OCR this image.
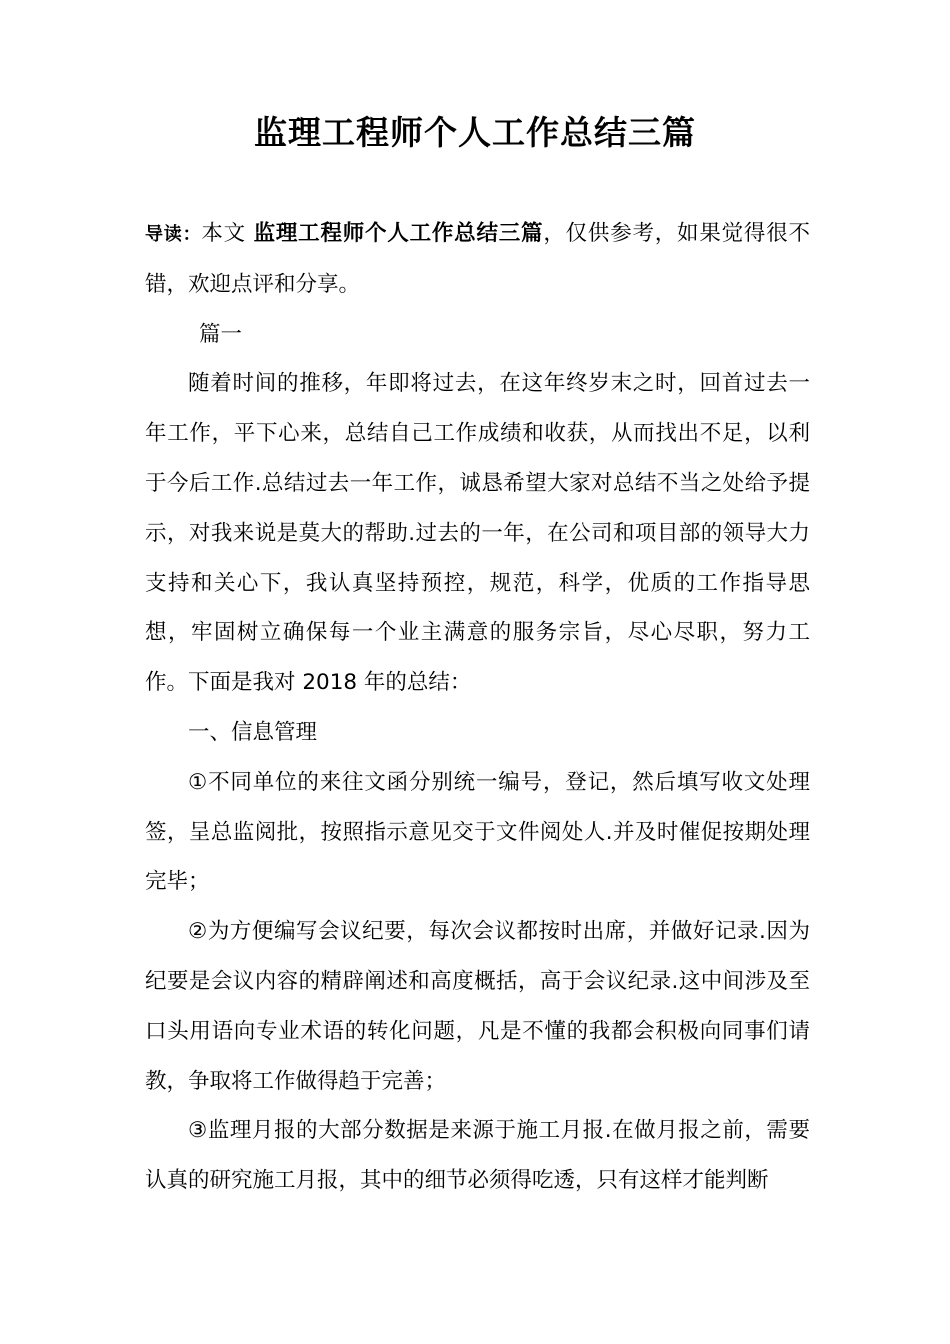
监理工程师个人工作总结三篇

导读：本文 监理工程师个人工作总结三篇，仅供参考，如果觉得很不错，欢迎点评和分享。

篇一

随着时间的推移，年即将过去，在这年终岁末之时，回首过去一年工作，平下心来，总结自己工作成绩和收获，从而找出不足，以利于今后工作.总结过去一年工作，诚恳希望大家对总结不当之处给予提示，对我来说是莫大的帮助.过去的一年，在公司和项目部的领导大力支持和关心下，我认真坚持预控，规范，科学，优质的工作指导思想，牢固树立确保每一个业主满意的服务宗旨，尽心尽职，努力工作。下面是我对 2018 年的总结：

一、信息管理

①不同单位的来往文函分别统一编号，登记，然后填写收文处理签，呈总监阅批，按照指示意见交于文件阅处人.并及时催促按期处理完毕；

②为方便编写会议纪要，每次会议都按时出席，并做好记录.因为纪要是会议内容的精辟阐述和高度概括，高于会议纪录.这中间涉及至口头用语向专业术语的转化问题，凡是不懂的我都会积极向同事们请教，争取将工作做得趋于完善；

③监理月报的大部分数据是来源于施工月报.在做月报之前，需要认真的研究施工月报，其中的细节必须得吃透，只有这样才能判断
